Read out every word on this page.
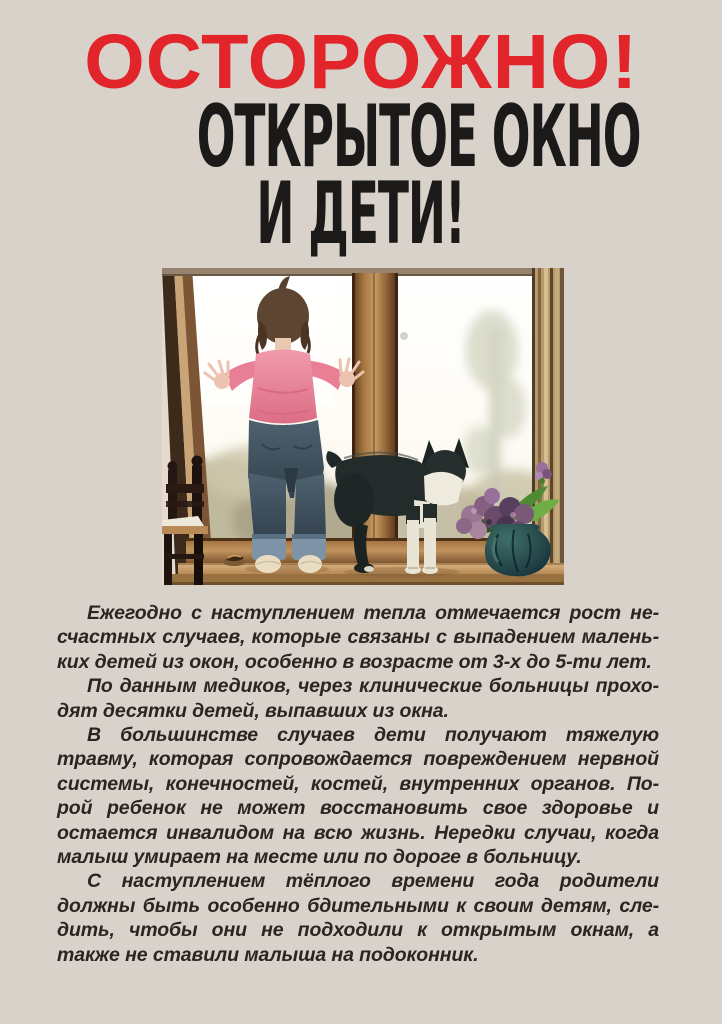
ОСТОРОЖНО!
ОТКРЫТОЕ ОКНО
И ДЕТИ!
Ежегодно с наступлением тепла отмечается рост не-
счастных случаев, которые связаны с выпадением малень-
ких детей из окон, особенно в возрасте от 3-х до 5-ти лет.
По данным медиков, через клинические больницы прохо-
дят десятки детей, выпавших из окна.
В большинстве случаев дети получают тяжелую
травму, которая сопровождается повреждением нервной
системы, конечностей, костей, внутренних органов. По-
рой ребенок не может восстановить свое здоровье и
остается инвалидом на всю жизнь. Нередки случаи, когда
малыш умирает на месте или по дороге в больницу.
С наступлением тёплого времени года родители
должны быть особенно бдительными к своим детям, сле-
дить, чтобы они не подходили к открытым окнам, а
также не ставили малыша на подоконник.
